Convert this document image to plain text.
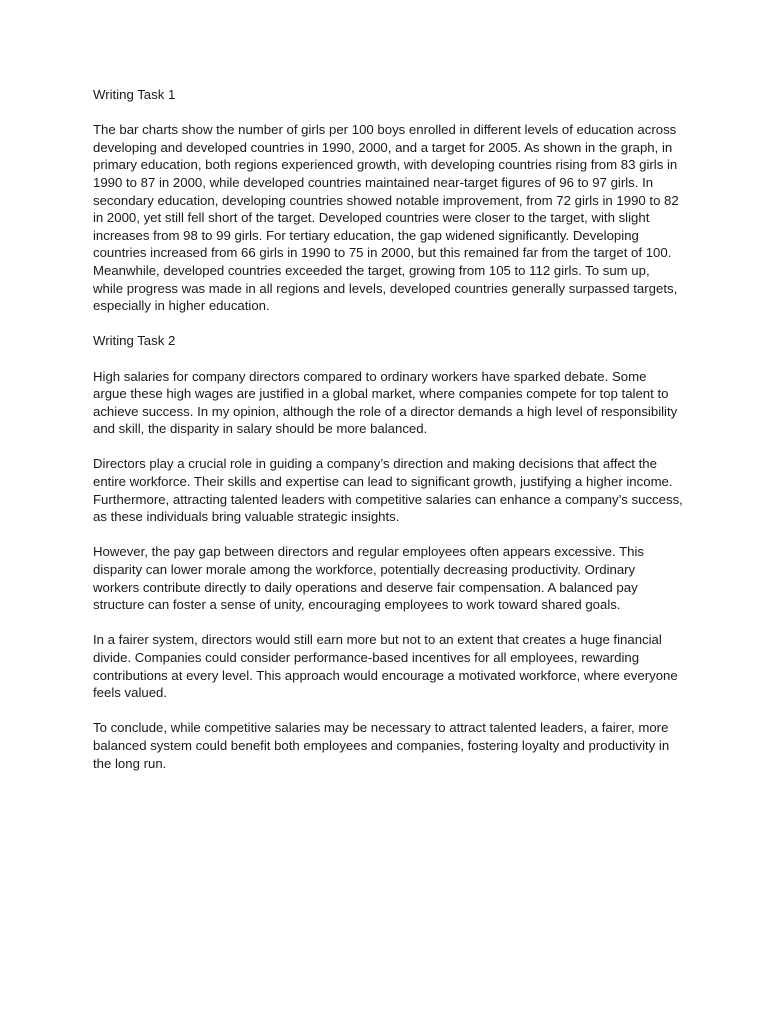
Writing Task 1

The bar charts show the number of girls per 100 boys enrolled in different levels of education across developing and developed countries in 1990, 2000, and a target for 2005. As shown in the graph, in primary education, both regions experienced growth, with developing countries rising from 83 girls in 1990 to 87 in 2000, while developed countries maintained near-target figures of 96 to 97 girls. In secondary education, developing countries showed notable improvement, from 72 girls in 1990 to 82 in 2000, yet still fell short of the target. Developed countries were closer to the target, with slight increases from 98 to 99 girls. For tertiary education, the gap widened significantly. Developing countries increased from 66 girls in 1990 to 75 in 2000, but this remained far from the target of 100. Meanwhile, developed countries exceeded the target, growing from 105 to 112 girls. To sum up, while progress was made in all regions and levels, developed countries generally surpassed targets, especially in higher education.

Writing Task 2

High salaries for company directors compared to ordinary workers have sparked debate. Some argue these high wages are justified in a global market, where companies compete for top talent to achieve success. In my opinion, although the role of a director demands a high level of responsibility and skill, the disparity in salary should be more balanced.

Directors play a crucial role in guiding a company’s direction and making decisions that affect the entire workforce. Their skills and expertise can lead to significant growth, justifying a higher income. Furthermore, attracting talented leaders with competitive salaries can enhance a company’s success, as these individuals bring valuable strategic insights.

However, the pay gap between directors and regular employees often appears excessive. This disparity can lower morale among the workforce, potentially decreasing productivity. Ordinary workers contribute directly to daily operations and deserve fair compensation. A balanced pay structure can foster a sense of unity, encouraging employees to work toward shared goals.

In a fairer system, directors would still earn more but not to an extent that creates a huge financial divide. Companies could consider performance-based incentives for all employees, rewarding contributions at every level. This approach would encourage a motivated workforce, where everyone feels valued.

To conclude, while competitive salaries may be necessary to attract talented leaders, a fairer, more balanced system could benefit both employees and companies, fostering loyalty and productivity in the long run.
